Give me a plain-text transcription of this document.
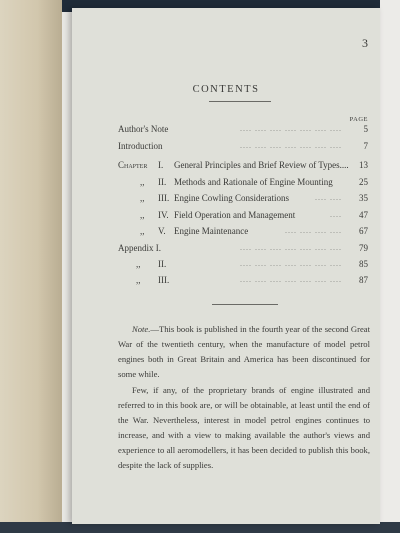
3
CONTENTS
PAGE
Author's Note	.... .... .... .... .... .... .... 5
Introduction	.... .... .... .... .... .... .... 7
Chapter I. General Principles and Brief Review of Types.... 13
,, II. Methods and Rationale of Engine Mounting	25
,, III. Engine Cowling Considerations	.... .... 35
,, IV. Field Operation and Management	.... 47
,, V. Engine Maintenance	.... .... .... .... 67
Appendix I.	.... .... .... .... .... .... .... 79
,, II.	.... .... .... .... .... .... .... 85
,, III.	.... .... .... .... .... .... .... 87
Note.—This book is published in the fourth year of the second Great War of the twentieth century, when the manufacture of model petrol engines both in Great Britain and America has been discontinued for some while.
Few, if any, of the proprietary brands of engine illustrated and referred to in this book are, or will be obtainable, at least until the end of the War. Nevertheless, interest in model petrol engines continues to increase, and with a view to making available the author's views and experience to all aeromodellers, it has been decided to publish this book, despite the lack of supplies.
